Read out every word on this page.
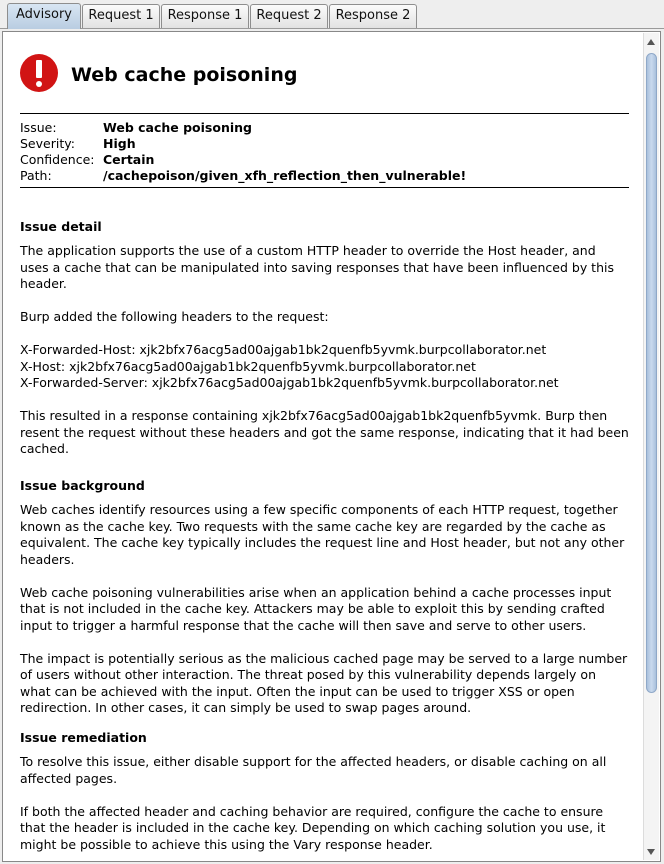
Advisory	Request 1	Response 1	Request 2	Response 2
Web cache poisoning
Issue:	Web cache poisoning
Severity:	High
Confidence: Certain
Path:	/cachepoison/given_xfh_reflection_then_vulnerable!
Issue detail
The application supports the use of a custom HTTP header to override the Host header, and
uses a cache that can be manipulated into saving responses that have been influenced by this
header.
Burp added the following headers to the request:
X-Forwarded-Host: xjk2bfx76acg5ad00ajgab1bk2quenfb5yvmk.burpcollaborator.net
X-Host: xjk2bfx76acg5ad00ajgab1bk2quenfb5yvmk.burpcollaborator.net
X-Forwarded-Server: xjk2bfx76acg5ad00ajgab1bk2quenfb5yvmk.burpcollaborator.net
This resulted in a response containing xjk2bfx76acg5ad00ajgab1bk2quenfb5yvmk. Burp then
resent the request without these headers and got the same response, indicating that it had been
cached.
Issue background
Web caches identify resources using a few specific components of each HTTP request, together
known as the cache key. Two requests with the same cache key are regarded by the cache as
equivalent. The cache key typically includes the request line and Host header, but not any other
headers.
Web cache poisoning vulnerabilities arise when an application behind a cache processes input
that is not included in the cache key. Attackers may be able to exploit this by sending crafted
input to trigger a harmful response that the cache will then save and serve to other users.
The impact is potentially serious as the malicious cached page may be served to a large number
of users without other interaction. The threat posed by this vulnerability depends largely on
what can be achieved with the input. Often the input can be used to trigger XSS or open
redirection. In other cases, it can simply be used to swap pages around.
Issue remediation
To resolve this issue, either disable support for the affected headers, or disable caching on all
affected pages.
If both the affected header and caching behavior are required, configure the cache to ensure
that the header is included in the cache key. Depending on which caching solution you use, it
might be possible to achieve this using the Vary response header.
